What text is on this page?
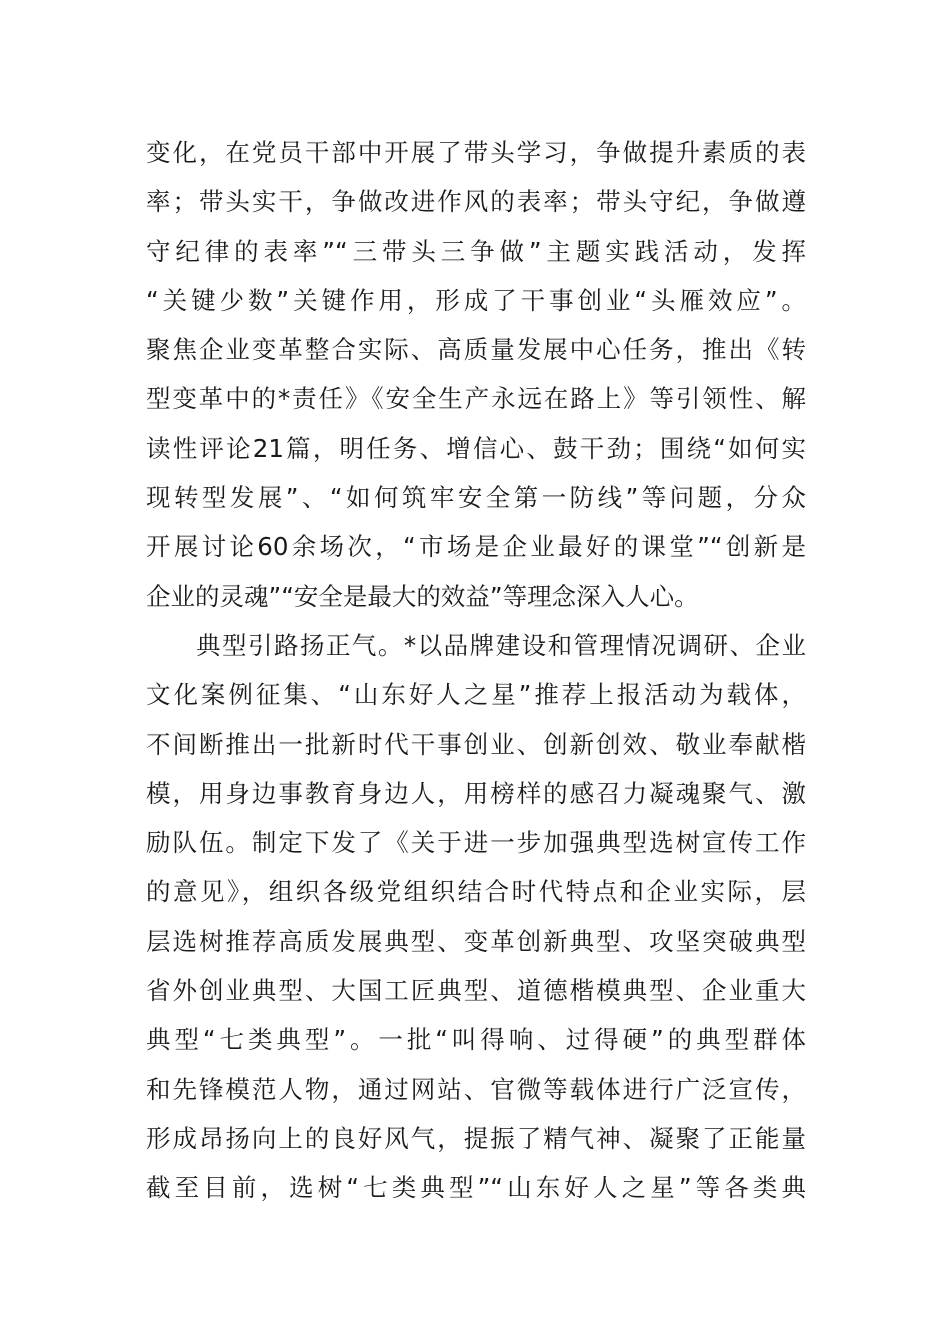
变化，在党员干部中开展了带头学习，争做提升素质的表
率；带头实干，争做改进作风的表率；带头守纪，争做遵
守纪律的表率”“三带头三争做”主题实践活动，发挥
“关键少数”关键作用，形成了干事创业“头雁效应”。
聚焦企业变革整合实际、高质量发展中心任务，推出《转
型变革中的*责任》《安全生产永远在路上》等引领性、解
读性评论21篇，明任务、增信心、鼓干劲；围绕“如何实
现转型发展”、“如何筑牢安全第一防线”等问题，分众
开展讨论60余场次，“市场是企业最好的课堂”“创新是
企业的灵魂”“安全是最大的效益”等理念深入人心。
典型引路扬正气。*以品牌建设和管理情况调研、企业
文化案例征集、“山东好人之星”推荐上报活动为载体，
不间断推出一批新时代干事创业、创新创效、敬业奉献楷
模，用身边事教育身边人，用榜样的感召力凝魂聚气、激
励队伍。制定下发了《关于进一步加强典型选树宣传工作
的意见》，组织各级党组织结合时代特点和企业实际，层
层选树推荐高质发展典型、变革创新典型、攻坚突破典型
省外创业典型、大国工匠典型、道德楷模典型、企业重大
典型“七类典型”。一批“叫得响、过得硬”的典型群体
和先锋模范人物，通过网站、官微等载体进行广泛宣传，
形成昂扬向上的良好风气，提振了精气神、凝聚了正能量
截至目前，选树“七类典型”“山东好人之星”等各类典
